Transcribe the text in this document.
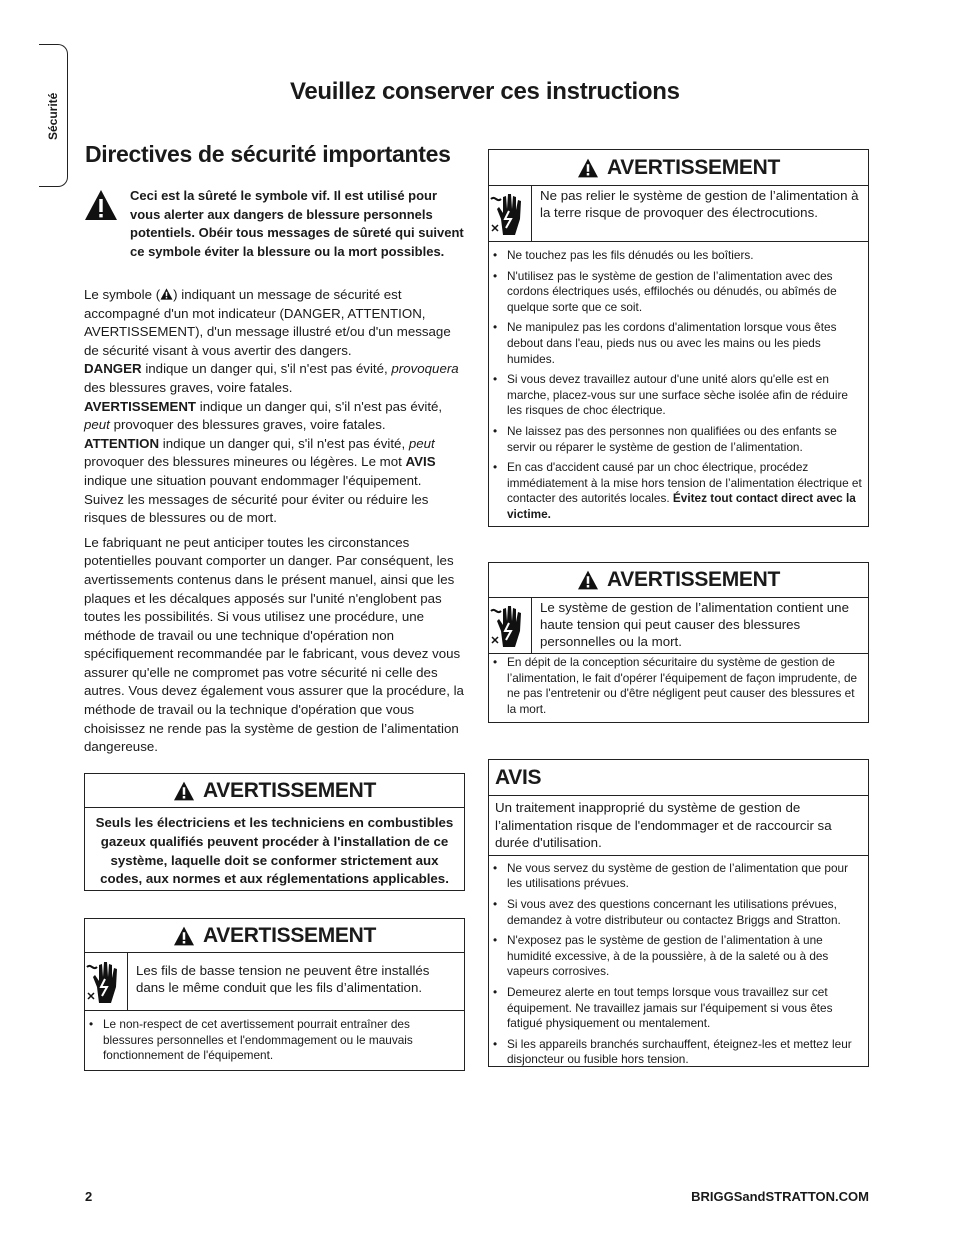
Sécurité
Veuillez conserver ces instructions
Directives de sécurité importantes
Ceci est la sûreté le symbole vif. Il est utilisé pour vous alerter aux dangers de blessure personnels potentiels. Obéir tous messages de sûreté qui suivent ce symbole éviter la blessure ou la mort possibles.

Le symbole ( ) indiquant un message de sécurité est accompagné d'un mot indicateur (DANGER, ATTENTION, AVERTISSEMENT), d'un message illustré et/ou d'un message de sécurité visant à vous avertir des dangers.
DANGER indique un danger qui, s'il n'est pas évité, provoquera des blessures graves, voire fatales.
AVERTISSEMENT indique un danger qui, s'il n'est pas évité, peut provoquer des blessures graves, voire fatales.
ATTENTION indique un danger qui, s'il n'est pas évité, peut provoquer des blessures mineures ou légères. Le mot AVIS indique une situation pouvant endommager l'équipement. Suivez les messages de sécurité pour éviter ou réduire les risques de blessures ou de mort.

Le fabriquant ne peut anticiper toutes les circonstances potentielles pouvant comporter un danger. Par conséquent, les avertissements contenus dans le présent manuel, ainsi que les plaques et les décalques apposés sur l'unité n'englobent pas toutes les possibilités. Si vous utilisez une procédure, une méthode de travail ou une technique d'opération non spécifiquement recommandée par le fabricant, vous devez vous assurer qu'elle ne compromet pas votre sécurité ni celle des autres. Vous devez également vous assurer que la procédure, la méthode de travail ou la technique d'opération que vous choisissez ne rende pas la système de gestion de l’alimentation dangereuse.

AVERTISSEMENT
Seuls les électriciens et les techniciens en combustibles gazeux qualifiés peuvent procéder à l'installation de ce système, laquelle doit se conformer strictement aux codes, aux normes et aux réglementations applicables.
AVERTISSEMENT
Les fils de basse tension ne peuvent être installés dans le même conduit que les fils d’alimentation.
• Le non-respect de cet avertissement pourrait entraîner des blessures personnelles et l'endommagement ou le mauvais fonctionnement de l'équipement.
AVERTISSEMENT
Ne pas relier le système de gestion de l’alimentation à la terre risque de provoquer des électrocutions.
• Ne touchez pas les fils dénudés ou les boîtiers.
• N'utilisez pas le système de gestion de l’alimentation avec des cordons électriques usés, effilochés ou dénudés, ou abîmés de quelque sorte que ce soit.
• Ne manipulez pas les cordons d'alimentation lorsque vous êtes debout dans l'eau, pieds nus ou avec les mains ou les pieds humides.
• Si vous devez travaillez autour d'une unité alors qu'elle est en marche, placez-vous sur une surface sèche isolée afin de réduire les risques de choc électrique.
• Ne laissez pas des personnes non qualifiées ou des enfants se servir ou réparer le système de gestion de l’alimentation.
• En cas d'accident causé par un choc électrique, procédez immédiatement à la mise hors tension de l’alimentation électrique et contacter des autorités locales. Évitez tout contact direct avec la victime.
AVERTISSEMENT
Le système de gestion de l’alimentation contient une haute tension qui peut causer des blessures personnelles ou la mort.
• En dépit de la conception sécuritaire du système de gestion de l’alimentation, le fait d'opérer l'équipement de façon imprudente, de ne pas l'entretenir ou d'être négligent peut causer des blessures et la mort.
AVIS
Un traitement inapproprié du système de gestion de l’alimentation risque de l'endommager et de raccourcir sa durée d'utilisation.
• Ne vous servez du système de gestion de l’alimentation que pour les utilisations prévues.
• Si vous avez des questions concernant les utilisations prévues, demandez à votre distributeur ou contactez Briggs and Stratton.
• N'exposez pas le système de gestion de l’alimentation à une humidité excessive, à de la poussière, à de la saleté ou à des vapeurs corrosives.
• Demeurez alerte en tout temps lorsque vous travaillez sur cet équipement. Ne travaillez jamais sur l'équipement si vous êtes fatigué physiquement ou mentalement.
• Si les appareils branchés surchauffent, éteignez-les et mettez leur disjoncteur ou fusible hors tension.
2	BRIGGSandSTRATTON.COM
